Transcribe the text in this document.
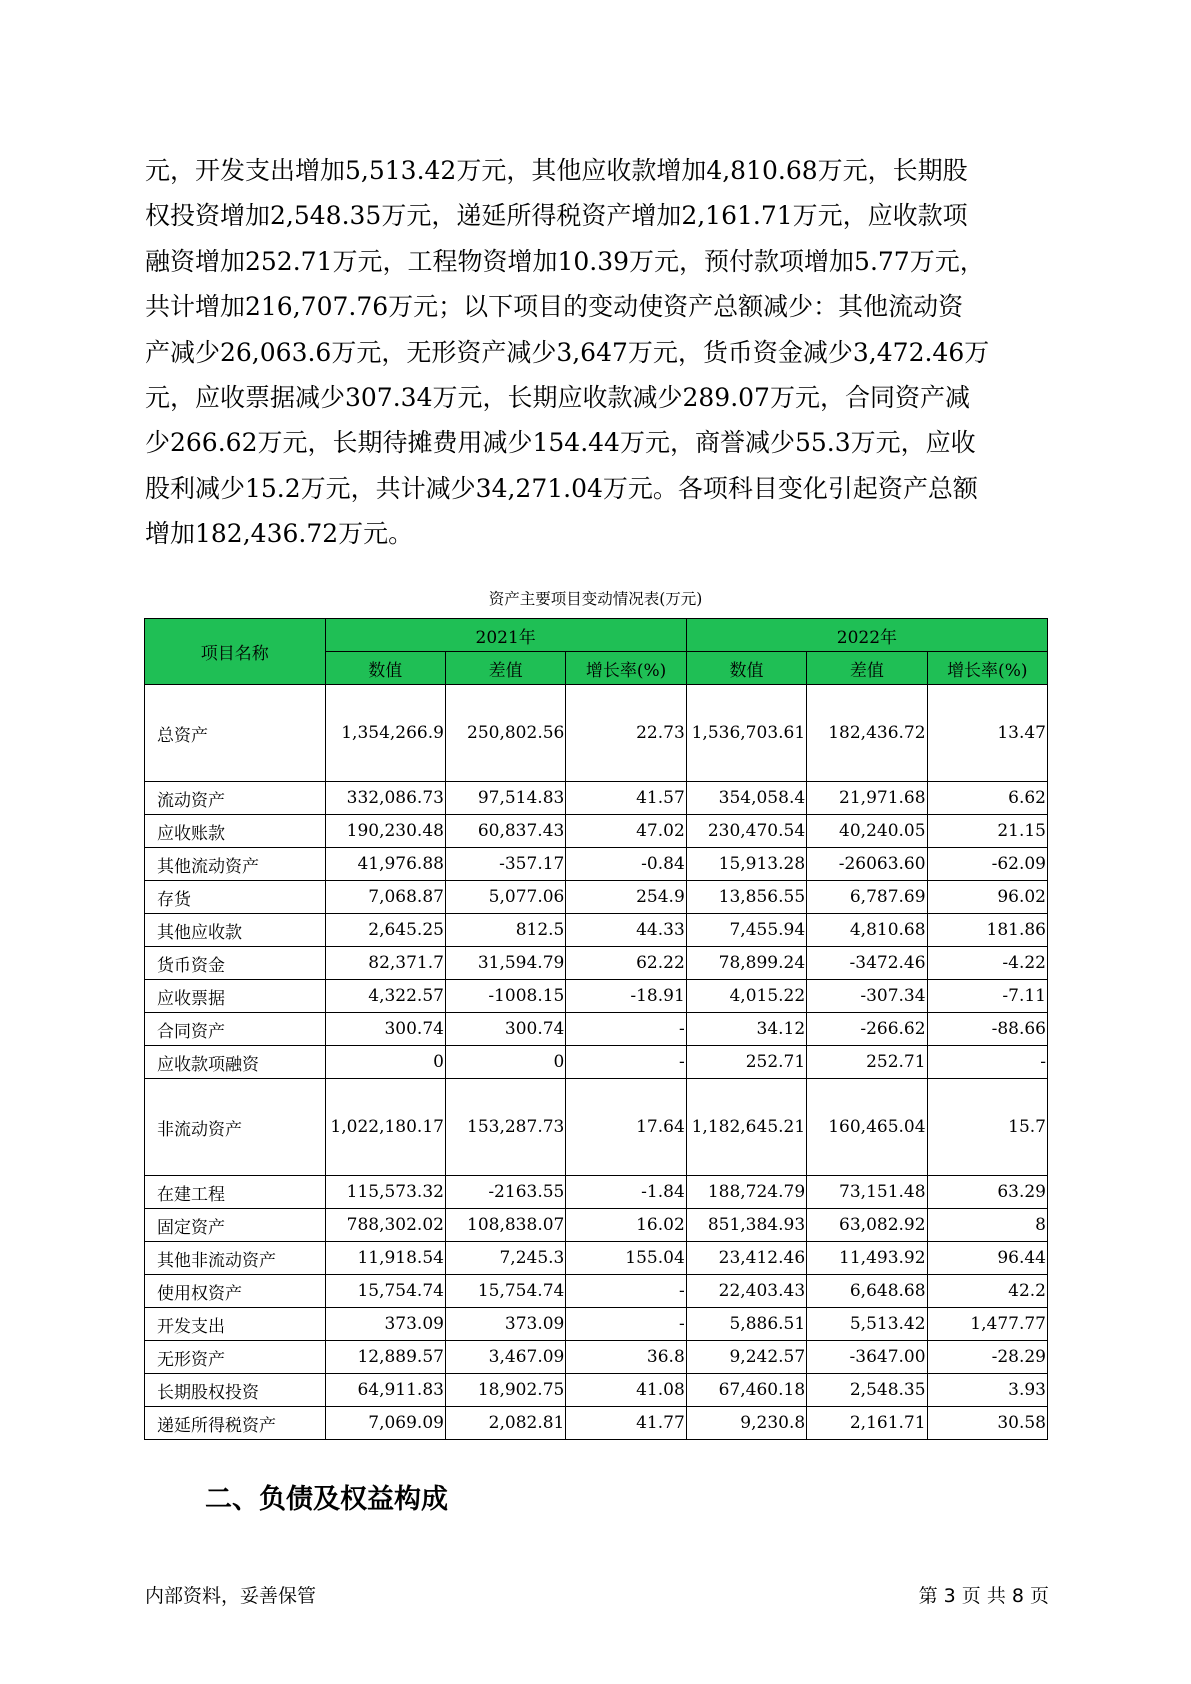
元，开发支出增加5,513.42万元，其他应收款增加4,810.68万元，长期股
权投资增加2,548.35万元，递延所得税资产增加2,161.71万元，应收款项
融资增加252.71万元，工程物资增加10.39万元，预付款项增加5.77万元，
共计增加216,707.76万元；以下项目的变动使资产总额减少：其他流动资
产减少26,063.6万元，无形资产减少3,647万元，货币资金减少3,472.46万
元，应收票据减少307.34万元，长期应收款减少289.07万元，合同资产减
少266.62万元，长期待摊费用减少154.44万元，商誉减少55.3万元，应收
股利减少15.2万元，共计减少34,271.04万元。各项科目变化引起资产总额
增加182,436.72万元。

资产主要项目变动情况表(万元)
项目名称	2021年			2022年		
	数值	差值	增长率(%)	数值	差值	增长率(%)
总资产	1,354,266.9	250,802.56	22.73	1,536,703.61	182,436.72	13.47
流动资产	332,086.73	97,514.83	41.57	354,058.4	21,971.68	6.62
应收账款	190,230.48	60,837.43	47.02	230,470.54	40,240.05	21.15
其他流动资产	41,976.88	-357.17	-0.84	15,913.28	-26063.60	-62.09
存货	7,068.87	5,077.06	254.9	13,856.55	6,787.69	96.02
其他应收款	2,645.25	812.5	44.33	7,455.94	4,810.68	181.86
货币资金	82,371.7	31,594.79	62.22	78,899.24	-3472.46	-4.22
应收票据	4,322.57	-1008.15	-18.91	4,015.22	-307.34	-7.11
合同资产	300.74	300.74	-	34.12	-266.62	-88.66
应收款项融资	0	0	-	252.71	252.71	-
非流动资产	1,022,180.17	153,287.73	17.64	1,182,645.21	160,465.04	15.7
在建工程	115,573.32	-2163.55	-1.84	188,724.79	73,151.48	63.29
固定资产	788,302.02	108,838.07	16.02	851,384.93	63,082.92	8
其他非流动资产	11,918.54	7,245.3	155.04	23,412.46	11,493.92	96.44
使用权资产	15,754.74	15,754.74	-	22,403.43	6,648.68	42.2
开发支出	373.09	373.09	-	5,886.51	5,513.42	1,477.77
无形资产	12,889.57	3,467.09	36.8	9,242.57	-3647.00	-28.29
长期股权投资	64,911.83	18,902.75	41.08	67,460.18	2,548.35	3.93
递延所得税资产	7,069.09	2,082.81	41.77	9,230.8	2,161.71	30.58
二、负债及权益构成
内部资料，妥善保管	第 3 页 共 8 页
